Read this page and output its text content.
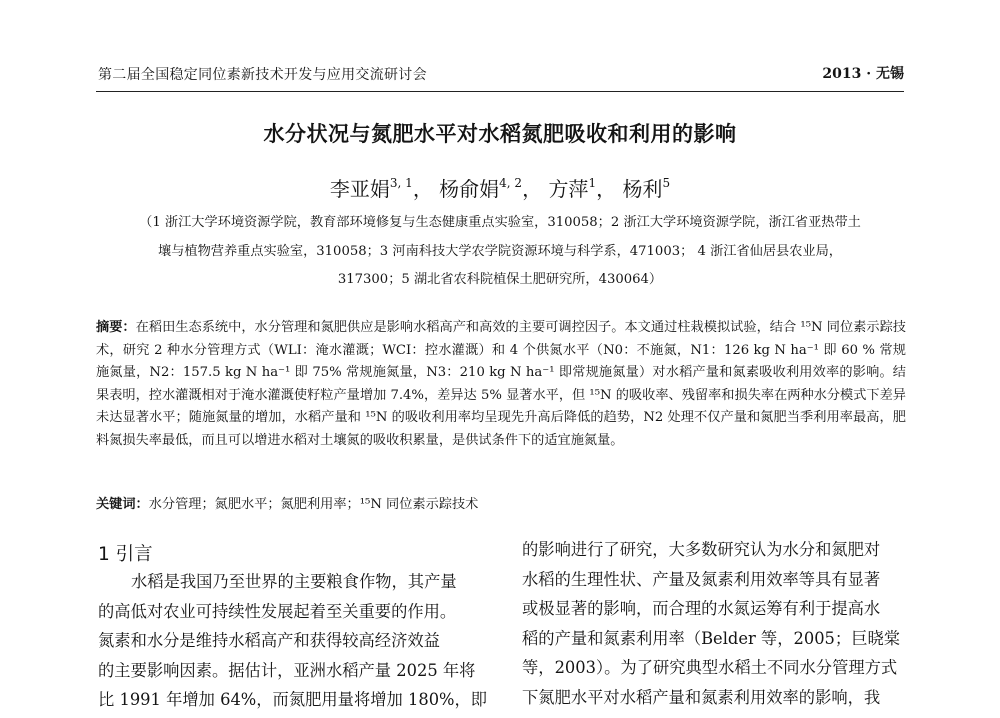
第二届全国稳定同位素新技术开发与应用交流研讨会	2013 · 无锡
水分状况与氮肥水平对水稻氮肥吸收和利用的影响
李亚娟$^{3, 1}$， 杨俞娟$^{4, 2}$， 方萍$^1$， 杨利$^5$
（1 浙江大学环境资源学院，教育部环境修复与生态健康重点实验室，310058；2 浙江大学环境资源学院，浙江省亚热带土
壤与植物营养重点实验室，310058；3 河南科技大学农学院资源环境与科学系，471003； 4 浙江省仙居县农业局，
317300；5 湖北省农科院植保土肥研究所，430064）
摘要：在稻田生态系统中，水分管理和氮肥供应是影响水稻高产和高效的主要可调控因子。本文通过柱栽模拟试验，结合 ¹⁵N 同位素示踪技术，研究 2 种水分管理方式（WLI：淹水灌溉；WCI：控水灌溉）和 4 个供氮水平（N0：不施氮，N1：126 kg N ha⁻¹ 即 60 % 常规施氮量，N2：157.5 kg N ha⁻¹ 即 75% 常规施氮量，N3：210 kg N ha⁻¹ 即常规施氮量）对水稻产量和氮素吸收利用效率的影响。结果表明，控水灌溉相对于淹水灌溉使籽粒产量增加 7.4%，差异达 5% 显著水平，但 ¹⁵N 的吸收率、残留率和损失率在两种水分模式下差异未达显著水平；随施氮量的增加，水稻产量和 ¹⁵N 的吸收利用率均呈现先升高后降低的趋势，N2 处理不仅产量和氮肥当季利用率最高，肥料氮损失率最低，而且可以增进水稻对土壤氮的吸收积累量，是供试条件下的适宜施氮量。
关键词：水分管理；氮肥水平；氮肥利用率；¹⁵N 同位素示踪技术
1 引言
水稻是我国乃至世界的主要粮食作物，其产量
的高低对农业可持续性发展起着至关重要的作用。
氮素和水分是维持水稻高产和获得较高经济效益
的主要影响因素。据估计，亚洲水稻产量 2025 年将
比 1991 年增加 64%，而氮肥用量将增加 180%，即
的影响进行了研究，大多数研究认为水分和氮肥对
水稻的生理性状、产量及氮素利用效率等具有显著
或极显著的影响，而合理的水氮运筹有利于提高水
稻的产量和氮素利用率（Belder 等，2005；巨晓棠
等，2003）。为了研究典型水稻土不同水分管理方式
下氮肥水平对水稻产量和氮素利用效率的影响，我
